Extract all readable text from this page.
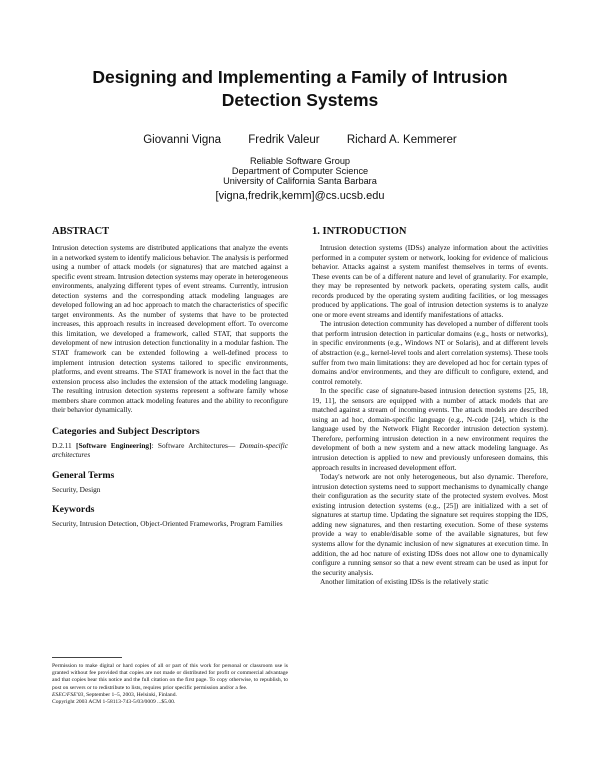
Designing and Implementing a Family of Intrusion
Detection Systems
Giovanni Vigna Fredrik Valeur Richard A. Kemmerer
Reliable Software Group
Department of Computer Science
University of California Santa Barbara
[vigna,fredrik,kemm]@cs.ucsb.edu
ABSTRACT

Intrusion detection systems are distributed applications that analyze the events in a networked system to identify malicious behavior. The analysis is performed using a number of attack models (or signatures) that are matched against a specific event stream. Intrusion detection systems may operate in heterogeneous environments, analyzing different types of event streams. Currently, intrusion detection systems and the corresponding attack modeling languages are developed following an ad hoc approach to match the characteristics of specific target environments. As the number of systems that have to be protected increases, this approach results in increased development effort. To overcome this limitation, we developed a framework, called STAT, that supports the development of new intrusion detection functionality in a modular fashion. The STAT framework can be extended following a well-defined process to implement intrusion detection systems tailored to specific environments, platforms, and event streams. The STAT framework is novel in the fact that the extension process also includes the extension of the attack modeling language. The resulting intrusion detection systems represent a software family whose members share common attack modeling features and the ability to reconfigure their behavior dynamically.

Categories and Subject Descriptors

D.2.11 [Software Engineering]: Software Architectures— Domain-specific architectures

General Terms

Security, Design

Keywords

Security, Intrusion Detection, Object-Oriented Frameworks, Program Families

Permission to make digital or hard copies of all or part of this work for personal or classroom use is granted without fee provided that copies are not made or distributed for profit or commercial advantage and that copies bear this notice and the full citation on the first page. To copy otherwise, to republish, to post on servers or to redistribute to lists, requires prior specific permission and/or a fee.
ESEC/FSE'03, September 1–5, 2003, Helsinki, Finland.
Copyright 2003 ACM 1-58113-743-5/03/0009 ...$5.00.
1. INTRODUCTION

Intrusion detection systems (IDSs) analyze information about the activities performed in a computer system or network, looking for evidence of malicious behavior. Attacks against a system manifest themselves in terms of events. These events can be of a different nature and level of granularity. For example, they may be represented by network packets, operating system calls, audit records produced by the operating system auditing facilities, or log messages produced by applications. The goal of intrusion detection systems is to analyze one or more event streams and identify manifestations of attacks.

The intrusion detection community has developed a number of different tools that perform intrusion detection in particular domains (e.g., hosts or networks), in specific environments (e.g., Windows NT or Solaris), and at different levels of abstraction (e.g., kernel-level tools and alert correlation systems). These tools suffer from two main limitations: they are developed ad hoc for certain types of domains and/or environments, and they are difficult to configure, extend, and control remotely.

In the specific case of signature-based intrusion detection systems [25, 18, 19, 11], the sensors are equipped with a number of attack models that are matched against a stream of incoming events. The attack models are described using an ad hoc, domain-specific language (e.g., N-code [24], which is the language used by the Network Flight Recorder intrusion detection system). Therefore, performing intrusion detection in a new environment requires the development of both a new system and a new attack modeling language. As intrusion detection is applied to new and previously unforeseen domains, this approach results in increased development effort.

Today's network are not only heterogeneous, but also dynamic. Therefore, intrusion detection systems need to support mechanisms to dynamically change their configuration as the security state of the protected system evolves. Most existing intrusion detection systems (e.g., [25]) are initialized with a set of signatures at startup time. Updating the signature set requires stopping the IDS, adding new signatures, and then restarting execution. Some of these systems provide a way to enable/disable some of the available signatures, but few systems allow for the dynamic inclusion of new signatures at execution time. In addition, the ad hoc nature of existing IDSs does not allow one to dynamically configure a running sensor so that a new event stream can be used as input for the security analysis.

Another limitation of existing IDSs is the relatively static
